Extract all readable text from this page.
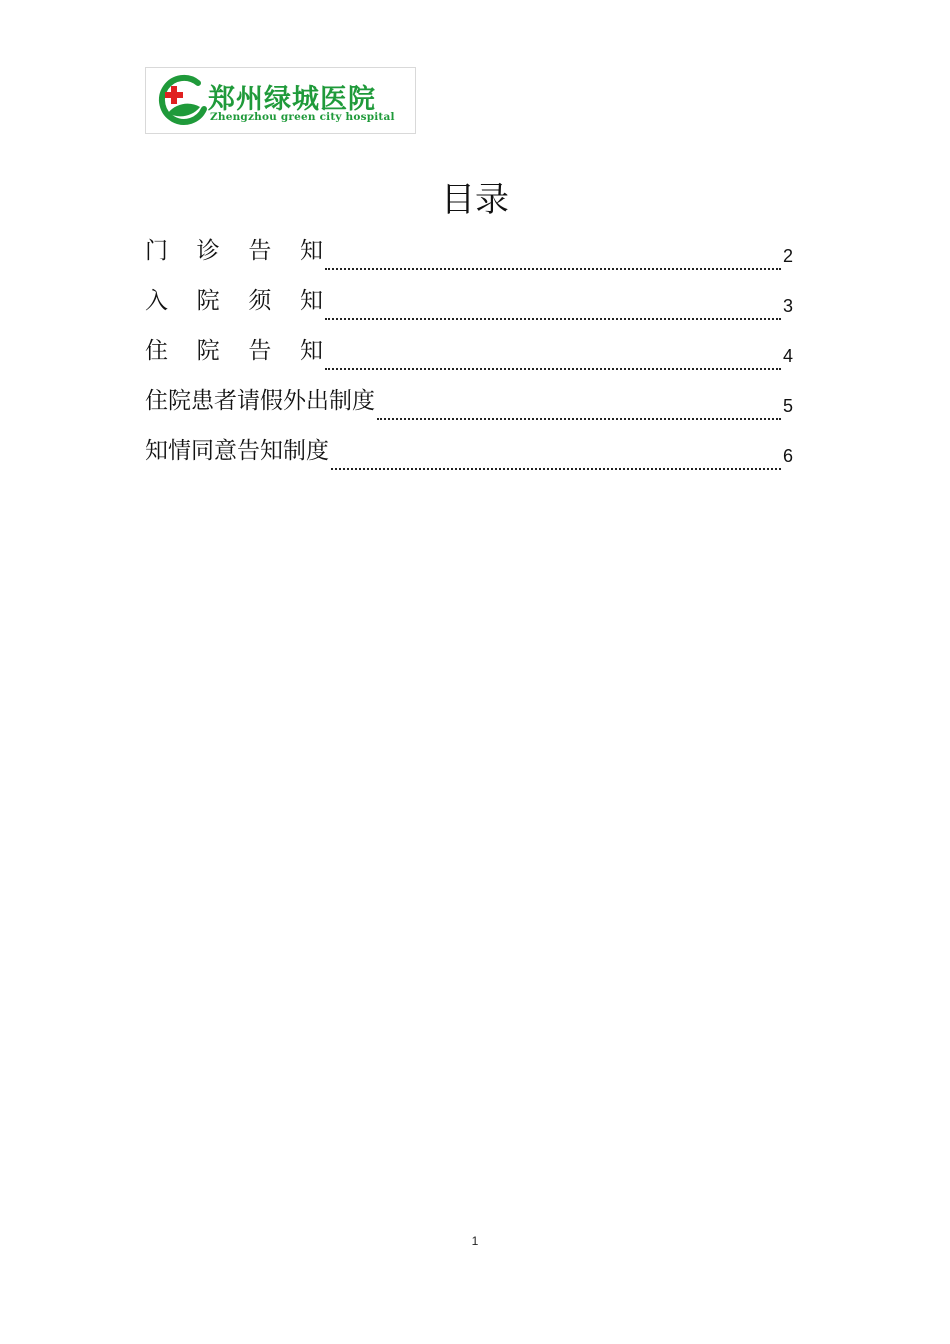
郑州绿城医院
Zhengzhou green city hospital
目录
门 诊 告 知	2
入 院 须 知	3
住 院 告 知	4
住院患者请假外出制度	5
知情同意告知制度	6
1
